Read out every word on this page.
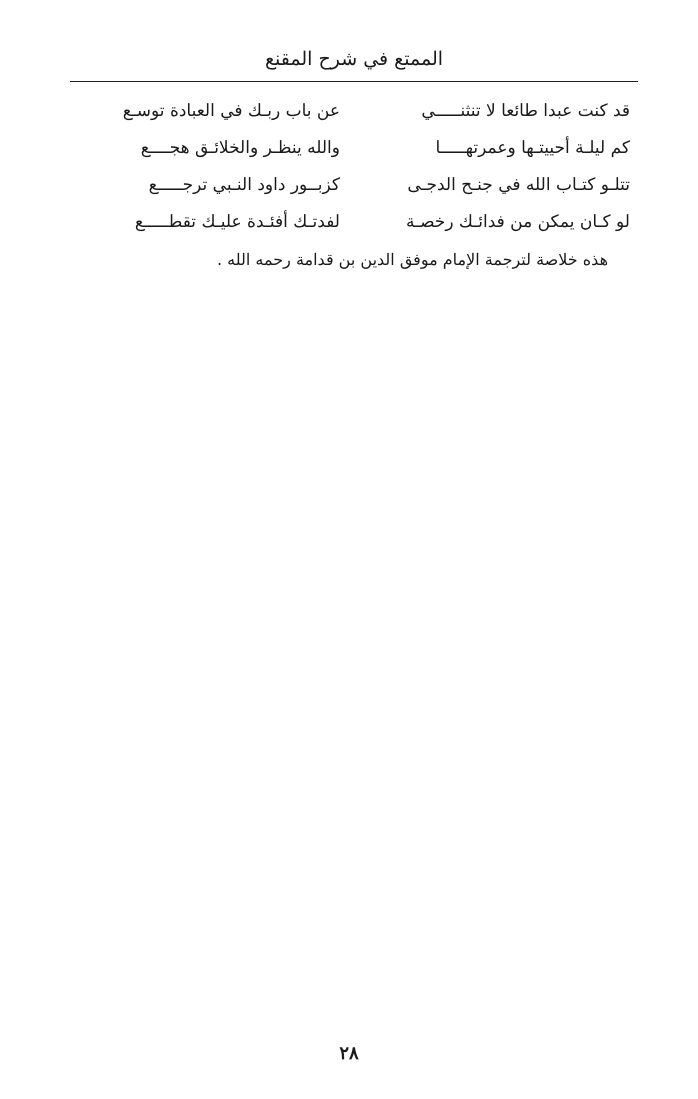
الممتع في شرح المقنع
قد كنت عبدا طائعا لا تنثنـــــي
عن باب ربـك في العبادة توسـع
كم ليلـة أحييتـها وعمرتهـــــا
والله ينظـر والخلائـق هجــــع
تتلـو كتـاب الله في جنـح الدجـى
كزبــور داود النـبي ترجـــــع
لو كـان يمكن من فدائـك رخصـة
لفدتـك أفئـدة عليـك تقطـــــع
هذه خلاصة لترجمة الإمام موفق الدين بن قدامة رحمه الله .
٢٨
